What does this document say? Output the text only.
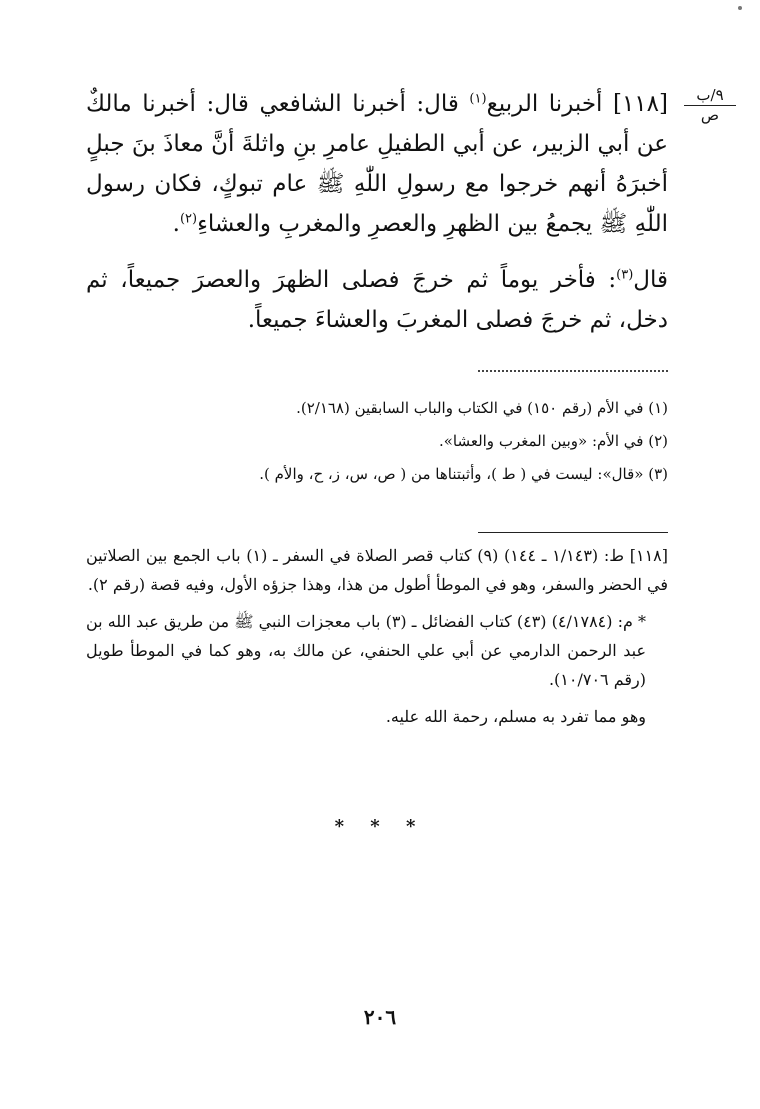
٩/ب
ص

[١١٨] أخبرنا الربيع$^{(١)}$ قال: أخبرنا الشافعي قال: أخبرنا مالكٌ عن أبي الزبير، عن أبي الطفيلِ عامرِ بنِ واثلةَ أنَّ معاذَ بنَ جبلٍ أخبرَهُ أنهم خرجوا مع رسولِ اللّٰهِ ﷺ عام تبوكٍ، فكان رسول اللّٰهِ ﷺ يجمعُ بين الظهرِ والعصرِ والمغربِ والعشاءِ$^{(٢)}$.

قال$^{(٣)}$: فأخر يوماً ثم خرجَ فصلى الظهرَ والعصرَ جميعاً، ثم دخل، ثم خرجَ فصلى المغربَ والعشاءَ جميعاً.

(١) في الأم (رقم ١٥٠) في الكتاب والباب السابقين (٢/١٦٨).

(٢) في الأم: «وبين المغرب والعشا».

(٣) «قال»: ليست في ( ط )، وأثبتناها من ( ص، س، ز، ح، والأم ).

[١١٨] ط: (١/١٤٣ ـ ١٤٤) (٩) كتاب قصر الصلاة في السفر ـ (١) باب الجمع بين الصلاتين في الحضر والسفر، وهو في الموطأ أطول من هذا، وهذا جزؤه الأول، وفيه قصة (رقم ٢).

* م: (٤/١٧٨٤) (٤٣) كتاب الفضائل ـ (٣) باب معجزات النبي ﷺ من طريق عبد الله بن عبد الرحمن الدارمي عن أبي علي الحنفي، عن مالك به، وهو كما في الموطأ طويل (رقم ١٠/٧٠٦).

وهو مما تفرد به مسلم، رحمة الله عليه.

* * *
٢٠٦
